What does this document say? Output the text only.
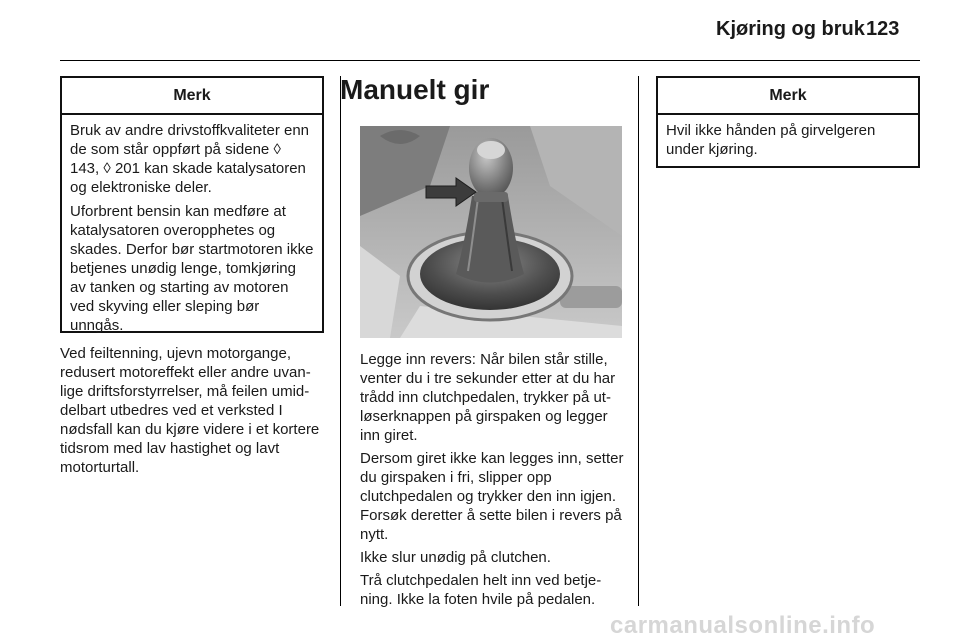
Kjøring og bruk 123
Merk

Bruk av andre drivstoffkvaliteter enn de som står oppført på sidene ◊ 143, ◊ 201 kan skade katalysatoren og elektroniske deler.

Uforbrent bensin kan medføre at katalysatoren overopphetes og skades. Derfor bør startmotoren ikke betjenes unødig lenge, tomkjøring av tanken og starting av motoren ved skyving eller sleping bør unngås.

Ved feiltenning, ujevn motorgange, redusert motoreffekt eller andre uvanlige driftsforstyrrelser, må feilen umiddelbart utbedres ved et verksted I nødsfall kan du kjøre videre i et kortere tidsrom med lav hastighet og lavt motorturtall.

Manuelt gir

Legge inn revers: Når bilen står stille, venter du i tre sekunder etter at du har trådd inn clutchpedalen, trykker på utløserknappen på girspaken og legger inn giret.

Dersom giret ikke kan legges inn, setter du girspaken i fri, slipper opp clutchpedalen og trykker den inn igjen. Forsøk deretter å sette bilen i revers på nytt.

Ikke slur unødig på clutchen.

Trå clutchpedalen helt inn ved betjening. Ikke la foten hvile på pedalen.

Merk

Hvil ikke hånden på girvelgeren under kjøring.

carmanualsonline.info
